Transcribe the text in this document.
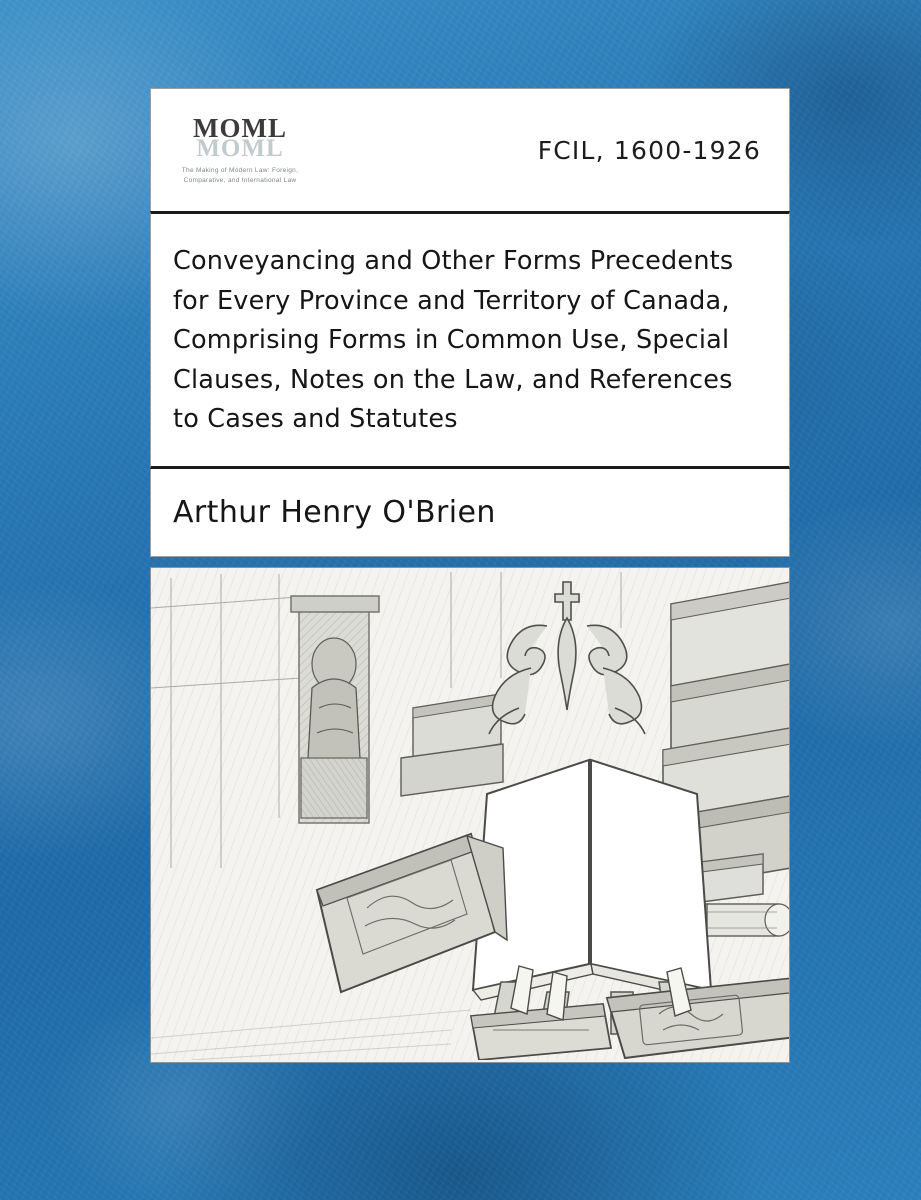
MOML
MOML
The Making of Modern Law: Foreign, Comparative, and International Law
FCIL, 1600-1926
Conveyancing and Other Forms Precedents for Every Province and Territory of Canada, Comprising Forms in Common Use, Special Clauses, Notes on the Law, and References to Cases and Statutes
Arthur Henry O'Brien
